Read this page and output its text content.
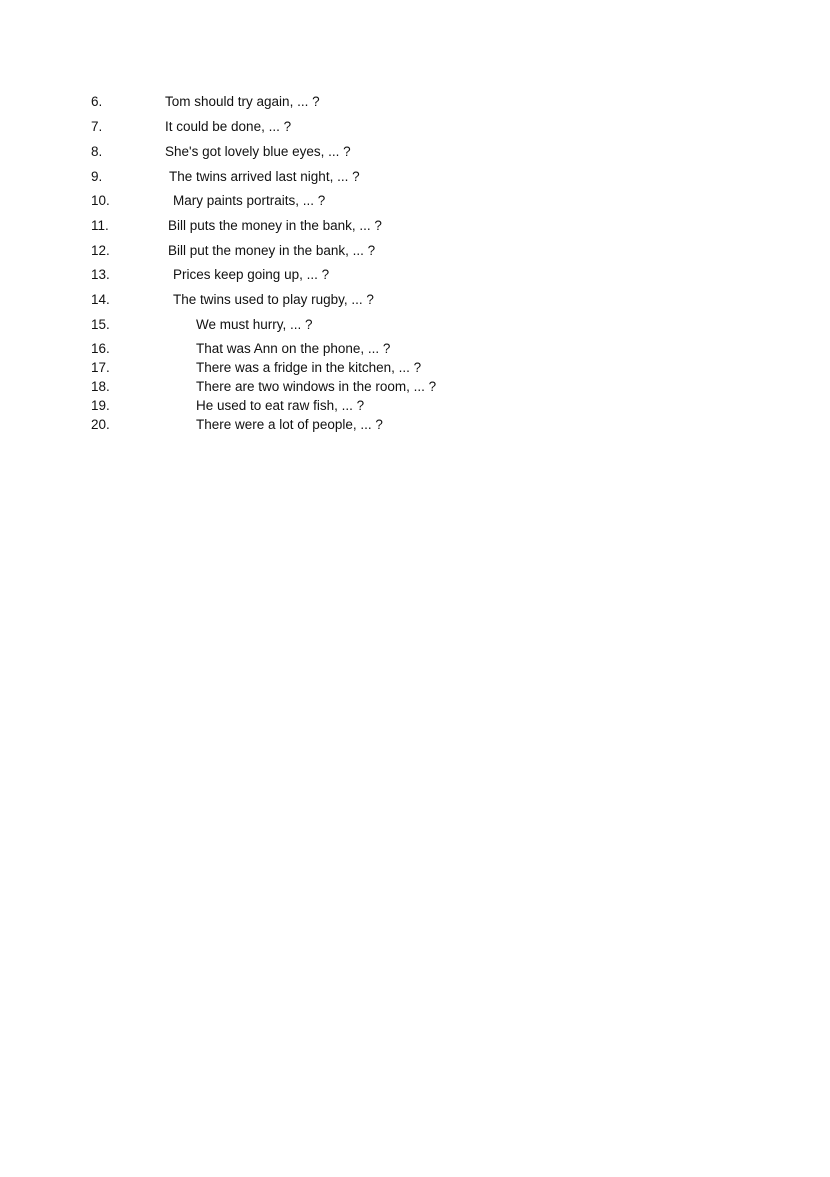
6.	Tom should try again, ... ?
7.	It could be done, ... ?
8.	She's got lovely blue eyes, ... ?
9.	The twins arrived last night, ... ?
10.	Mary paints portraits, ... ?
11.	Bill puts the money in the bank, ... ?
12.	Bill put the money in the bank, ... ?
13.	Prices keep going up, ... ?
14.	The twins used to play rugby, ... ?
15.	We must hurry, ... ?
16.	That was Ann on the phone, ... ?
17.	There was a fridge in the kitchen, ... ?
18.	There are two windows in the room, ... ?
19.	He used to eat raw fish, ... ?
20.	There were a lot of people, ... ?
